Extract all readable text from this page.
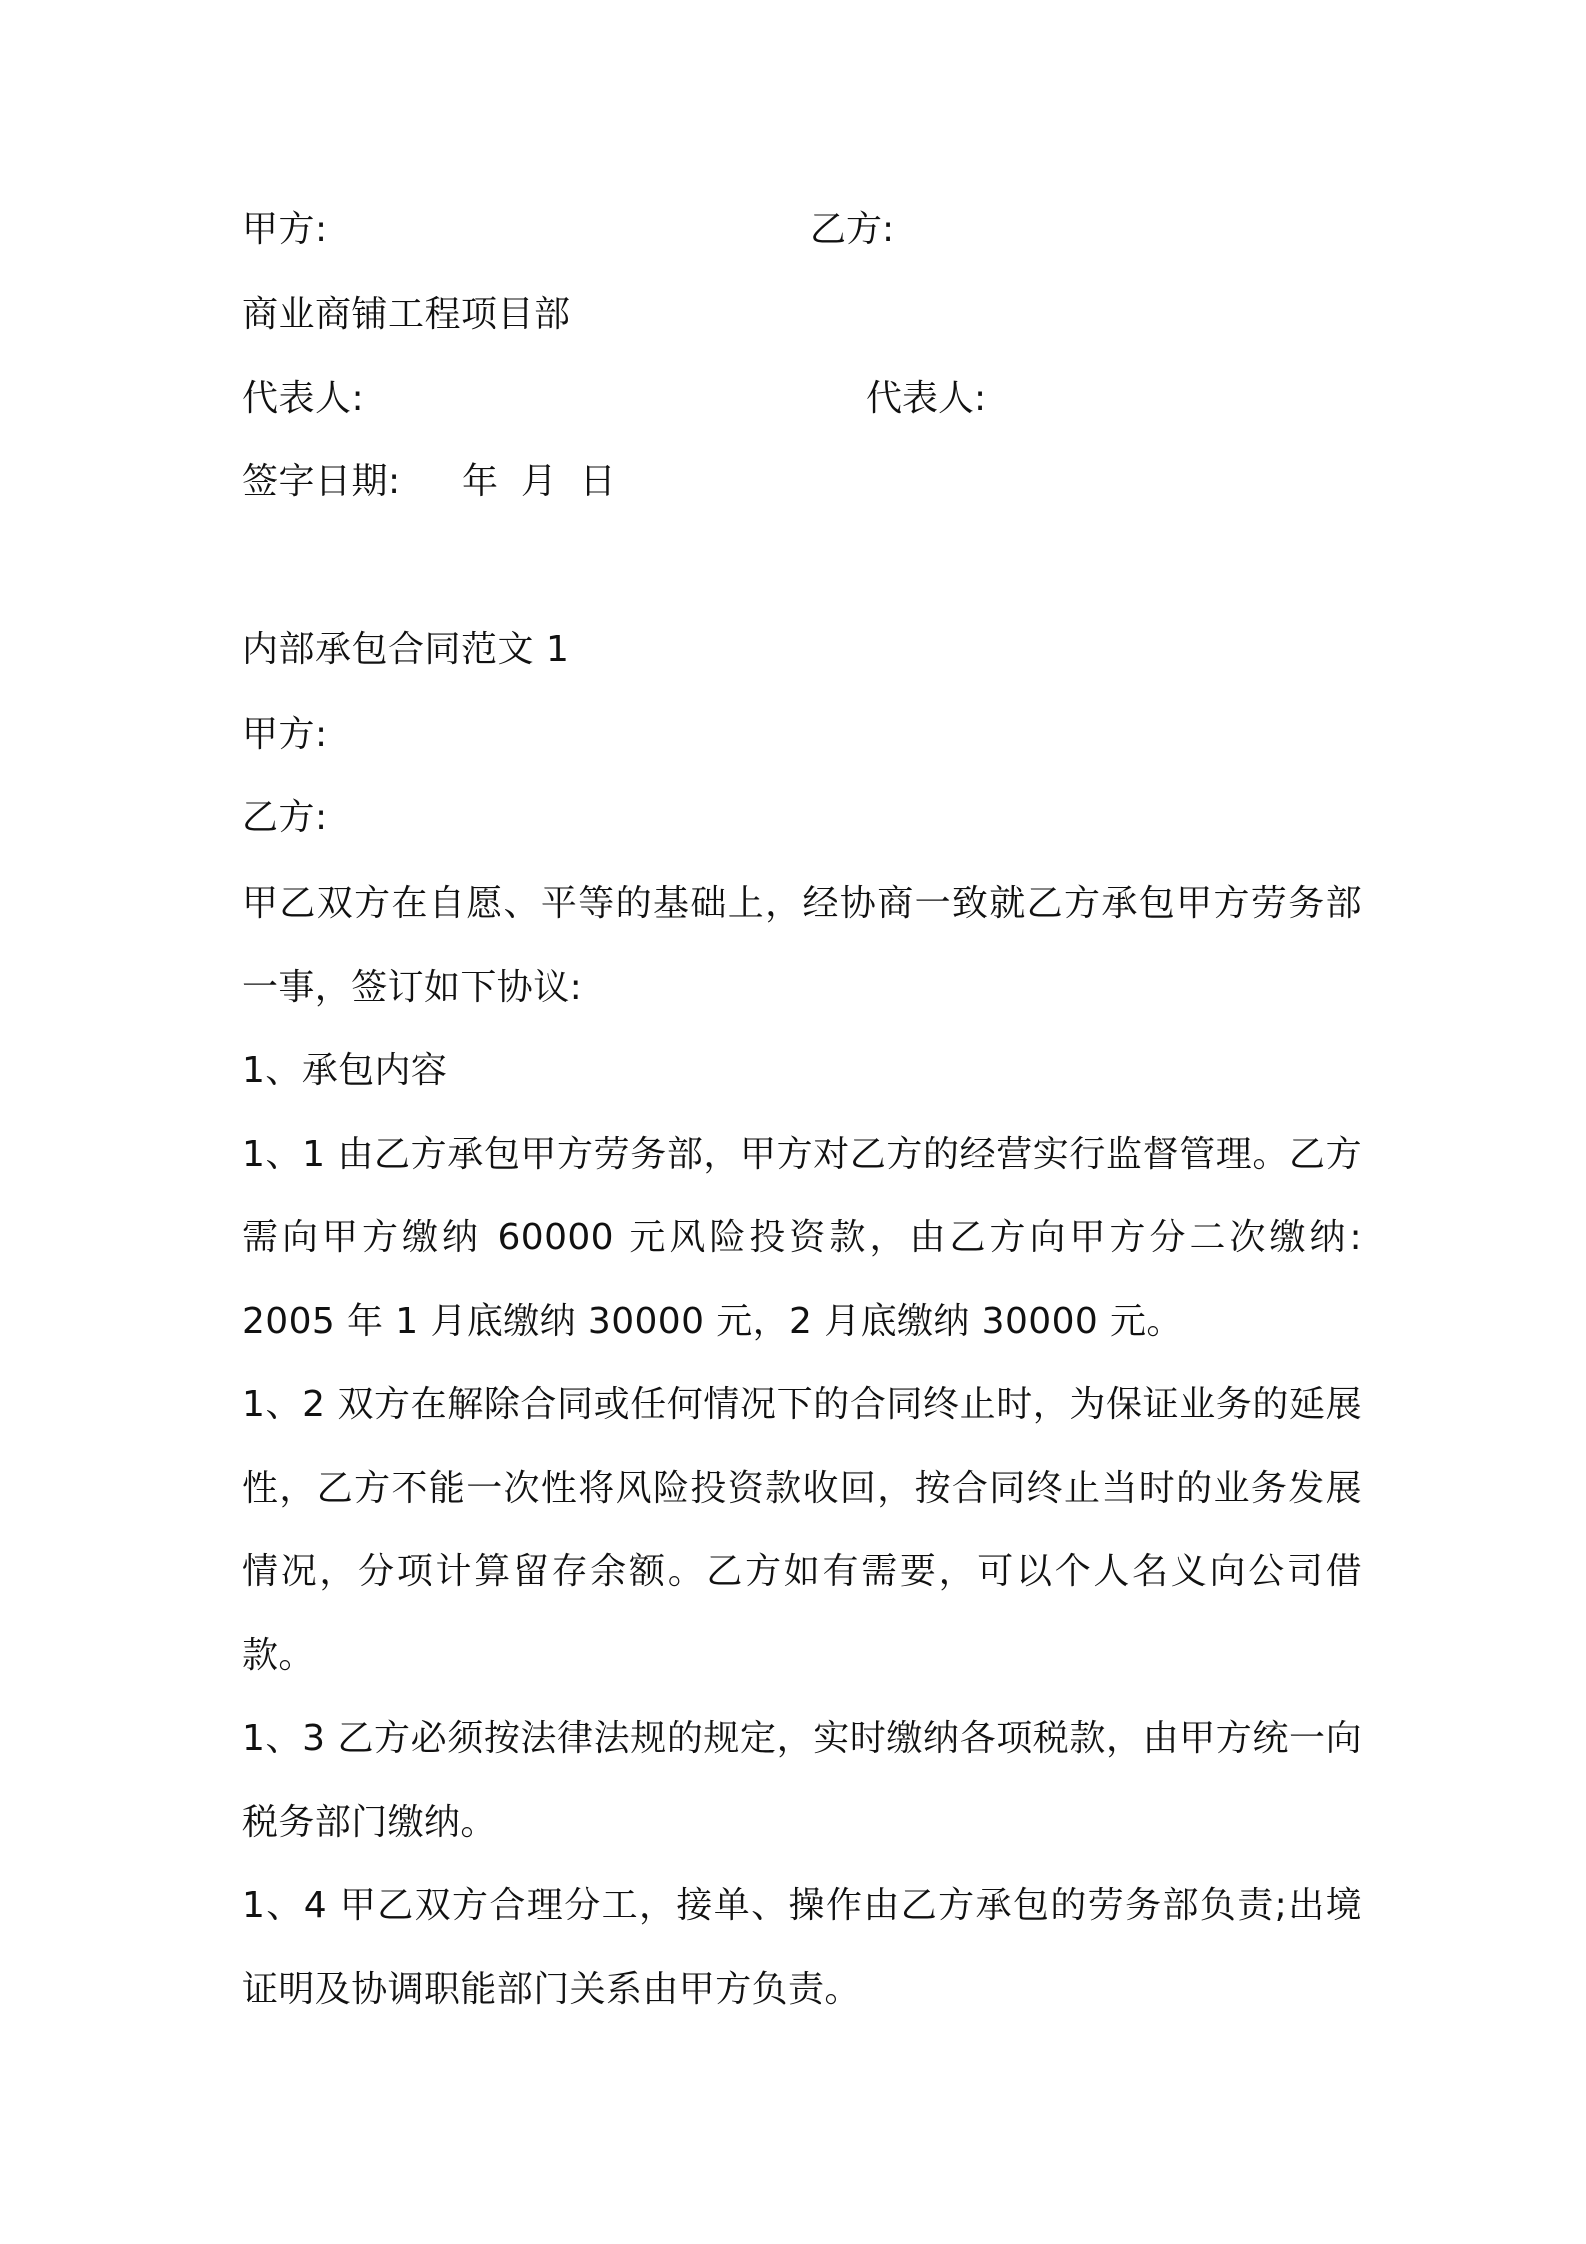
甲方:	乙方:
商业商铺工程项目部
代表人:	代表人:
签字日期: 年  月  日
内部承包合同范文 1
甲方:
乙方:

甲乙双方在自愿、平等的基础上，经协商一致就乙方承包甲方劳务部一事，签订如下协议:

1、承包内容

1、1 由乙方承包甲方劳务部，甲方对乙方的经营实行监督管理。乙方需向甲方缴纳 60000 元风险投资款，由乙方向甲方分二次缴纳: 2005 年 1 月底缴纳 30000 元，2 月底缴纳 30000 元。

1、2 双方在解除合同或任何情况下的合同终止时，为保证业务的延展性，乙方不能一次性将风险投资款收回，按合同终止当时的业务发展情况，分项计算留存余额。乙方如有需要，可以个人名义向公司借款。

1、3 乙方必须按法律法规的规定，实时缴纳各项税款，由甲方统一向税务部门缴纳。

1、4 甲乙双方合理分工，接单、操作由乙方承包的劳务部负责;出境证明及协调职能部门关系由甲方负责。
